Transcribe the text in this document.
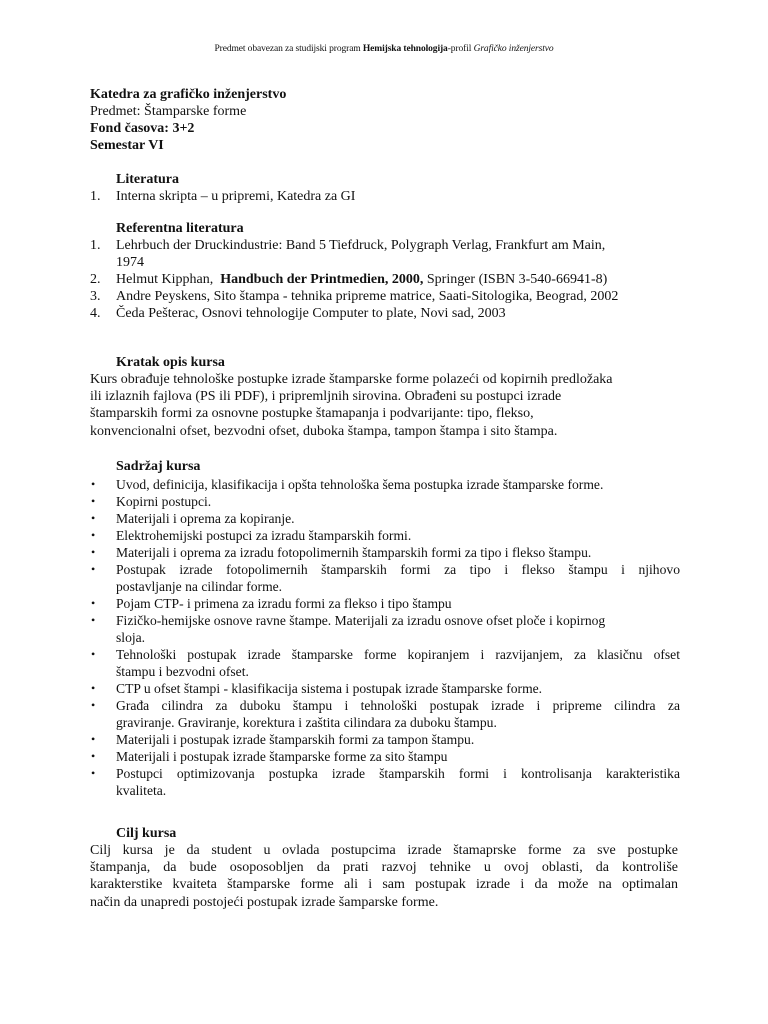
Predmet obavezan za studijski program Hemijska tehnologija-profil Grafičko inženjerstvo
Katedra za grafičko inženjerstvo
Predmet: Štamparske forme
Fond časova: 3+2
Semestar VI
Literatura
1. Interna skripta – u pripremi, Katedra za GI
Referentna literatura
1. Lehrbuch der Druckindustrie: Band 5 Tiefdruck, Polygraph Verlag, Frankfurt am Main,
1974
2. Helmut Kipphan,  Handbuch der Printmedien, 2000, Springer (ISBN 3-540-66941-8)
3. Andre Peyskens, Sito štampa - tehnika pripreme matrice, Saati-Sitologika, Beograd, 2002
4. Čeda Pešterac, Osnovi tehnologije Computer to plate, Novi sad, 2003
Kratak opis kursa
Kurs obrađuje tehnološke postupke izrade štamparske forme polazeći od kopirnih predložaka
ili izlaznih fajlova (PS ili PDF), i pripremljnih sirovina. Obrađeni su postupci izrade
štamparskih formi za osnovne postupke štamapanja i podvarijante: tipo, flekso,
konvencionalni ofset, bezvodni ofset, duboka štampa, tampon štampa i sito štampa.
Sadržaj kursa
• Uvod, definicija, klasifikacija i opšta tehnološka šema postupka izrade štamparske forme.
• Kopirni postupci.
• Materijali i oprema za kopiranje.
• Elektrohemijski postupci za izradu štamparskih formi.
• Materijali i oprema za izradu fotopolimernih štamparskih formi za tipo i flekso štampu.
• Postupak izrade fotopolimernih štamparskih formi za tipo i flekso štampu i njihovo
postavljanje na cilindar forme.
• Pojam CTP- i primena za izradu formi za flekso i tipo štampu
• Fizičko-hemijske osnove ravne štampe. Materijali za izradu osnove ofset ploče i kopirnog
sloja.
• Tehnološki postupak izrade štamparske forme kopiranjem i razvijanjem, za klasičnu ofset
štampu i bezvodni ofset.
• CTP u ofset štampi - klasifikacija sistema i postupak izrade štamparske forme.
• Građa cilindra za duboku štampu i tehnološki postupak izrade i pripreme cilindra za
graviranje. Graviranje, korektura i zaštita cilindara za duboku štampu.
• Materijali i postupak izrade štamparskih formi za tampon štampu.
• Materijali i postupak izrade štamparske forme za sito štampu
• Postupci optimizovanja postupka izrade štamparskih formi i kontrolisanja karakteristika
kvaliteta.
Cilj kursa
Cilj kursa je da student u ovlada postupcima izrade štamaprske forme za sve postupke
štampanja, da bude osoposobljen da prati razvoj tehnike u ovoj oblasti, da kontroliše
karakterstike kvaiteta štamparske forme ali i sam postupak izrade i da može na optimalan
način da unapredi postojeći postupak izrade šamparske forme.
